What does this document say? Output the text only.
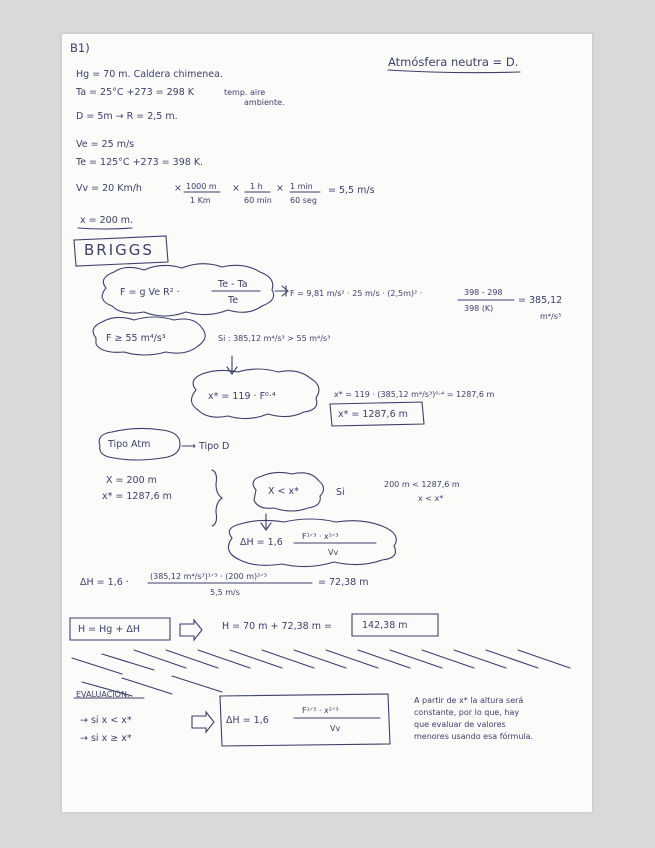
B1)
Atmósfera neutra = D.
Hg = 70 m. Caldera chimenea.
Ta = 25°C +273 = 298 K	temp. aire
ambiente.
D = 5m → R = 2,5 m.
Ve = 25 m/s
Te = 125°C +273 = 398 K.
Vv = 20 Km/h	× 1000 m
1 Km
× 1 h
60 min
× 1 min
60 seg
= 5,5 m/s
x = 200 m.
BRIGGS
F = g Ve R² ·
Te - Ta
Te
F = 9,81 m/s² · 25 m/s · (2,5m)² ·	398 - 298
398 (K)
= 385,12
m⁴/s³
F ≥ 55 m⁴/s³	Si : 385,12 m⁴/s³ > 55 m⁴/s³
x* = 119 · F⁰·⁴	x* = 119 · (385,12 m⁴/s³)⁰·⁴ = 1287,6 m
x* = 1287,6 m
Tipo Atm	→ Tipo D
X = 200 m
x* = 1287,6 m	X < x*	Si
200 m < 1287,6 m
x < x*
ΔH = 1,6
F¹ᐟ³ · x²ᐟ³
Vv
ΔH = 1,6 ·
(385,12 m⁴/s³)¹ᐟ³ · (200 m)²ᐟ³
5,5 m/s
= 72,38 m
H = Hg + ΔH	H = 70 m + 72,38 m =	142,38 m
EVALUACIÓN.
→ si x < x*
→ si x ≥ x*
ΔH = 1,6
F¹ᐟ³ · x²ᐟ³
Vv
A partir de x* la altura será
constante, por lo que, hay
que evaluar de valores
menores usando esa fórmula.
